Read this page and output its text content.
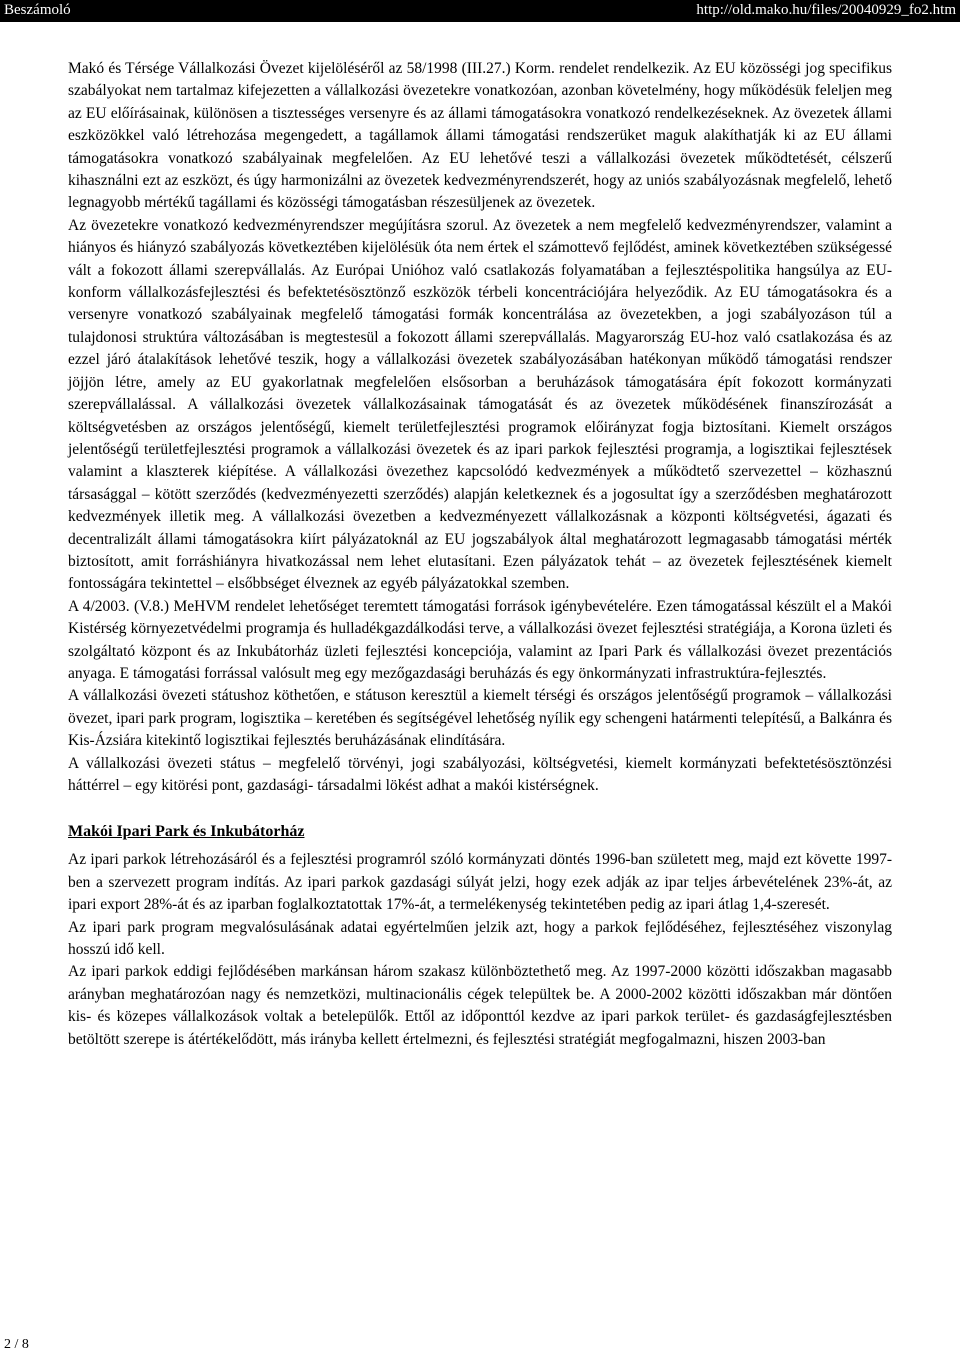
Beszámoló	http://old.mako.hu/files/20040929_fo2.htm

Makó és Térsége Vállalkozási Övezet kijelöléséről az 58/1998 (III.27.) Korm. rendelet rendelkezik. Az EU közösségi jog specifikus szabályokat nem tartalmaz kifejezetten a vállalkozási övezetekre vonatkozóan, azonban követelmény, hogy működésük feleljen meg az EU előírásainak, különösen a tisztességes versenyre és az állami támogatásokra vonatkozó rendelkezéseknek. Az övezetek állami eszközökkel való létrehozása megengedett, a tagállamok állami támogatási rendszerüket maguk alakíthatják ki az EU állami támogatásokra vonatkozó szabályainak megfelelően. Az EU lehetővé teszi a vállalkozási övezetek működtetését, célszerű kihasználni ezt az eszközt, és úgy harmonizálni az övezetek kedvezményrendszerét, hogy az uniós szabályozásnak megfelelő, lehető legnagyobb mértékű tagállami és közösségi támogatásban részesüljenek az övezetek.

Az övezetekre vonatkozó kedvezményrendszer megújításra szorul. Az övezetek a nem megfelelő kedvezményrendszer, valamint a hiányos és hiányzó szabályozás következtében kijelölésük óta nem értek el számottevő fejlődést, aminek következtében szükségessé vált a fokozott állami szerepvállalás. Az Európai Unióhoz való csatlakozás folyamatában a fejlesztéspolitika hangsúlya az EU-konform vállalkozásfejlesztési és befektetésösztönző eszközök térbeli koncentrációjára helyeződik. Az EU támogatásokra és a versenyre vonatkozó szabályainak megfelelő támogatási formák koncentrálása az övezetekben, a jogi szabályozáson túl a tulajdonosi struktúra változásában is megtestesül a fokozott állami szerepvállalás. Magyarország EU-hoz való csatlakozása és az ezzel járó átalakítások lehetővé teszik, hogy a vállalkozási övezetek szabályozásában hatékonyan működő támogatási rendszer jöjjön létre, amely az EU gyakorlatnak megfelelően elsősorban a beruházások támogatására épít fokozott kormányzati szerepvállalással. A vállalkozási övezetek vállalkozásainak támogatását és az övezetek működésének finanszírozását a költségvetésben az országos jelentőségű, kiemelt területfejlesztési programok előirányzat fogja biztosítani. Kiemelt országos jelentőségű területfejlesztési programok a vállalkozási övezetek és az ipari parkok fejlesztési programja, a logisztikai fejlesztések valamint a klaszterek kiépítése. A vállalkozási övezethez kapcsolódó kedvezmények a működtető szervezettel – közhasznú társasággal – kötött szerződés (kedvezményezetti szerződés) alapján keletkeznek és a jogosultat így a szerződésben meghatározott kedvezmények illetik meg. A vállalkozási övezetben a kedvezményezett vállalkozásnak a központi költségvetési, ágazati és decentralizált állami támogatásokra kiírt pályázatoknál az EU jogszabályok által meghatározott legmagasabb támogatási mérték biztosított, amit forráshiányra hivatkozással nem lehet elutasítani. Ezen pályázatok tehát – az övezetek fejlesztésének kiemelt fontosságára tekintettel – elsőbbséget élveznek az egyéb pályázatokkal szemben.

A 4/2003. (V.8.) MeHVM rendelet lehetőséget teremtett támogatási források igénybevételére. Ezen támogatással készült el a Makói Kistérség környezetvédelmi programja és hulladékgazdálkodási terve, a vállalkozási övezet fejlesztési stratégiája, a Korona üzleti és szolgáltató központ és az Inkubátorház üzleti fejlesztési koncepciója, valamint az Ipari Park és vállalkozási övezet prezentációs anyaga. E támogatási forrással valósult meg egy mezőgazdasági beruházás és egy önkormányzati infrastruktúra-fejlesztés.

A vállalkozási övezeti státushoz köthetően, e státuson keresztül a kiemelt térségi és országos jelentőségű programok – vállalkozási övezet, ipari park program, logisztika – keretében és segítségével lehetőség nyílik egy schengeni határmenti telepítésű, a Balkánra és Kis-Ázsiára kitekintő logisztikai fejlesztés beruházásának elindítására.

A vállalkozási övezeti státus – megfelelő törvényi, jogi szabályozási, költségvetési, kiemelt kormányzati befektetésösztönzési háttérrel – egy kitörési pont, gazdasági- társadalmi lökést adhat a makói kistérségnek.

Makói Ipari Park és Inkubátorház

Az ipari parkok létrehozásáról és a fejlesztési programról szóló kormányzati döntés 1996-ban született meg, majd ezt követte 1997-ben a szervezett program indítás. Az ipari parkok gazdasági súlyát jelzi, hogy ezek adják az ipar teljes árbevételének 23%-át, az ipari export 28%-át és az iparban foglalkoztatottak 17%-át, a termelékenység tekintetében pedig az ipari átlag 1,4-szeresét.

Az ipari park program megvalósulásának adatai egyértelműen jelzik azt, hogy a parkok fejlődéséhez, fejlesztéséhez viszonylag hosszú idő kell.

Az ipari parkok eddigi fejlődésében markánsan három szakasz különböztethető meg. Az 1997-2000 közötti időszakban magasabb arányban meghatározóan nagy és nemzetközi, multinacionális cégek települtek be. A 2000-2002 közötti időszakban már döntően kis- és közepes vállalkozások voltak a betelepülők. Ettől az időponttól kezdve az ipari parkok terület- és gazdaságfejlesztésben betöltött szerepe is átértékelődött, más irányba kellett értelmezni, és fejlesztési stratégiát megfogalmazni, hiszen 2003-ban

2 / 8
